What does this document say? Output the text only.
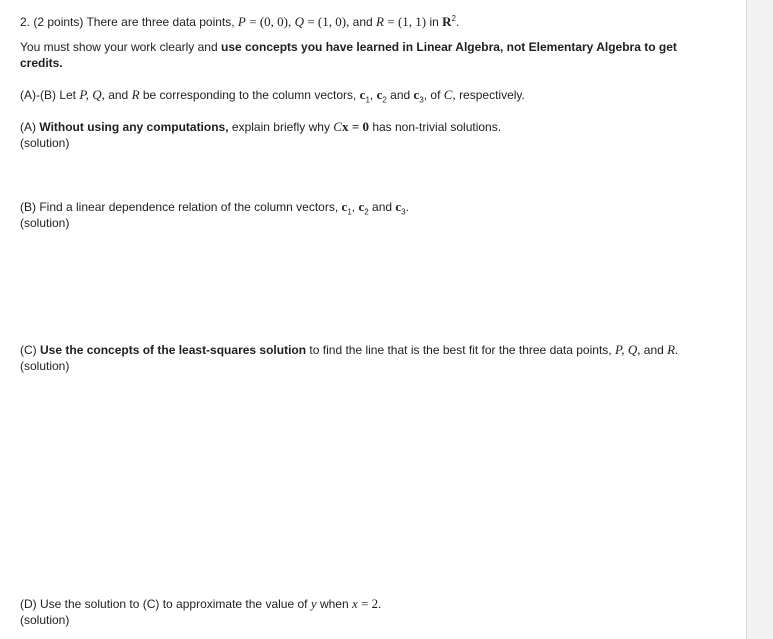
2. (2 points) There are three data points, P = (0, 0), Q = (1, 0), and R = (1, 1) in $R^2$.
You must show your work clearly and use concepts you have learned in Linear Algebra, not Elementary Algebra to get credits.
(A)-(B) Let P, Q, and R be corresponding to the column vectors, $c_1$, $c_2$ and $c_3$, of C, respectively.
(A) Without using any computations, explain briefly why Cx = 0 has non-trivial solutions.
(solution)
(B) Find a linear dependence relation of the column vectors, $c_1$, $c_2$ and $c_3$.
(solution)
(C) Use the concepts of the least-squares solution to find the line that is the best fit for the three data points, P, Q, and R.
(solution)
(D) Use the solution to (C) to approximate the value of y when x = 2.
(solution)
